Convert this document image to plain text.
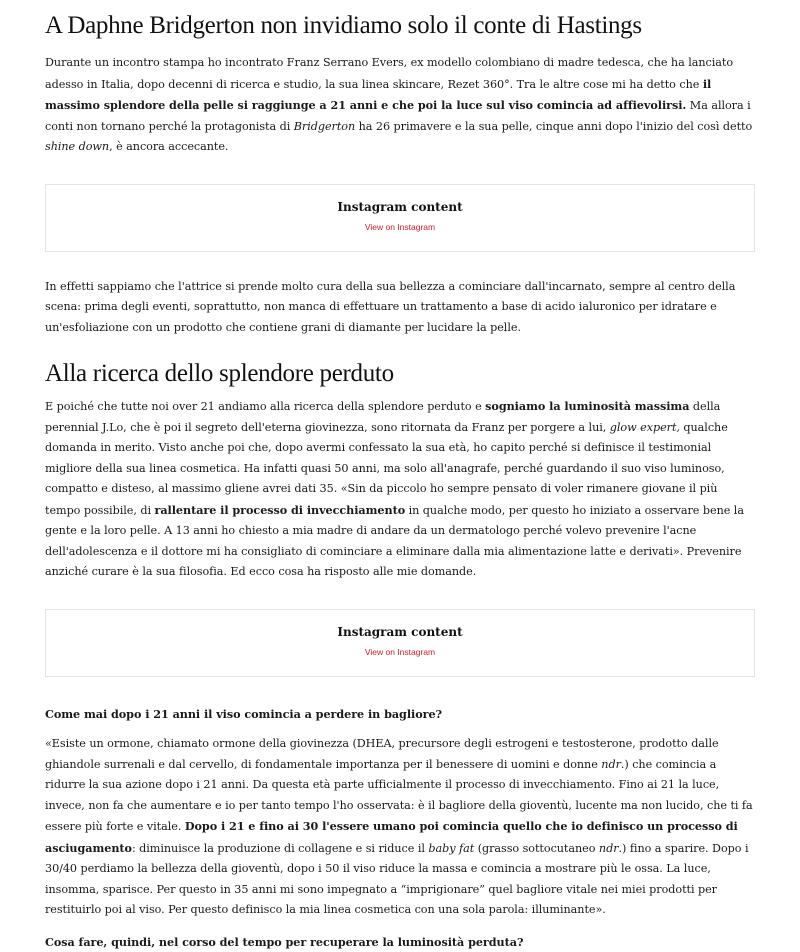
A Daphne Bridgerton non invidiamo solo il conte di Hastings

Durante un incontro stampa ho incontrato Franz Serrano Evers, ex modello colombiano di madre tedesca, che ha lanciato adesso in Italia, dopo decenni di ricerca e studio, la sua linea skincare, Rezet 360°. Tra le altre cose mi ha detto che il massimo splendore della pelle si raggiunge a 21 anni e che poi la luce sul viso comincia ad affievolirsi. Ma allora i conti non tornano perché la protagonista di Bridgerton ha 26 primavere e la sua pelle, cinque anni dopo l'inizio del così detto shine down, è ancora accecante.

Instagram content
View on Instagram

In effetti sappiamo che l'attrice si prende molto cura della sua bellezza a cominciare dall'incarnato, sempre al centro della scena: prima degli eventi, soprattutto, non manca di effettuare un trattamento a base di acido ialuronico per idratare e un'esfoliazione con un prodotto che contiene grani di diamante per lucidare la pelle.

Alla ricerca dello splendore perduto

E poiché che tutte noi over 21 andiamo alla ricerca della splendore perduto e sogniamo la luminosità massima della perennial J.Lo, che è poi il segreto dell'eterna giovinezza, sono ritornata da Franz per porgere a lui, glow expert, qualche domanda in merito. Visto anche poi che, dopo avermi confessato la sua età, ho capito perché si definisce il testimonial migliore della sua linea cosmetica. Ha infatti quasi 50 anni, ma solo all'anagrafe, perché guardando il suo viso luminoso, compatto e disteso, al massimo gliene avrei dati 35. «Sin da piccolo ho sempre pensato di voler rimanere giovane il più tempo possibile, di rallentare il processo di invecchiamento in qualche modo, per questo ho iniziato a osservare bene la gente e la loro pelle. A 13 anni ho chiesto a mia madre di andare da un dermatologo perché volevo prevenire l'acne dell'adolescenza e il dottore mi ha consigliato di cominciare a eliminare dalla mia alimentazione latte e derivati». Prevenire anziché curare è la sua filosofia. Ed ecco cosa ha risposto alle mie domande.

Instagram content
View on Instagram

Come mai dopo i 21 anni il viso comincia a perdere in bagliore?

«Esiste un ormone, chiamato ormone della giovinezza (DHEA, precursore degli estrogeni e testosterone, prodotto dalle ghiandole surrenali e dal cervello, di fondamentale importanza per il benessere di uomini e donne ndr.) che comincia a ridurre la sua azione dopo i 21 anni. Da questa età parte ufficialmente il processo di invecchiamento. Fino ai 21 la luce, invece, non fa che aumentare e io per tanto tempo l'ho osservata: è il bagliore della gioventù, lucente ma non lucido, che ti fa essere più forte e vitale. Dopo i 21 e fino ai 30 l'essere umano poi comincia quello che io definisco un processo di asciugamento: diminuisce la produzione di collagene e si riduce il baby fat (grasso sottocutaneo ndr.) fino a sparire. Dopo i 30/40 perdiamo la bellezza della gioventù, dopo i 50 il viso riduce la massa e comincia a mostrare più le ossa. La luce, insomma, sparisce. Per questo in 35 anni mi sono impegnato a “imprigionare” quel bagliore vitale nei miei prodotti per restituirlo poi al viso. Per questo definisco la mia linea cosmetica con una sola parola: illuminante».

Cosa fare, quindi, nel corso del tempo per recuperare la luminosità perduta?
